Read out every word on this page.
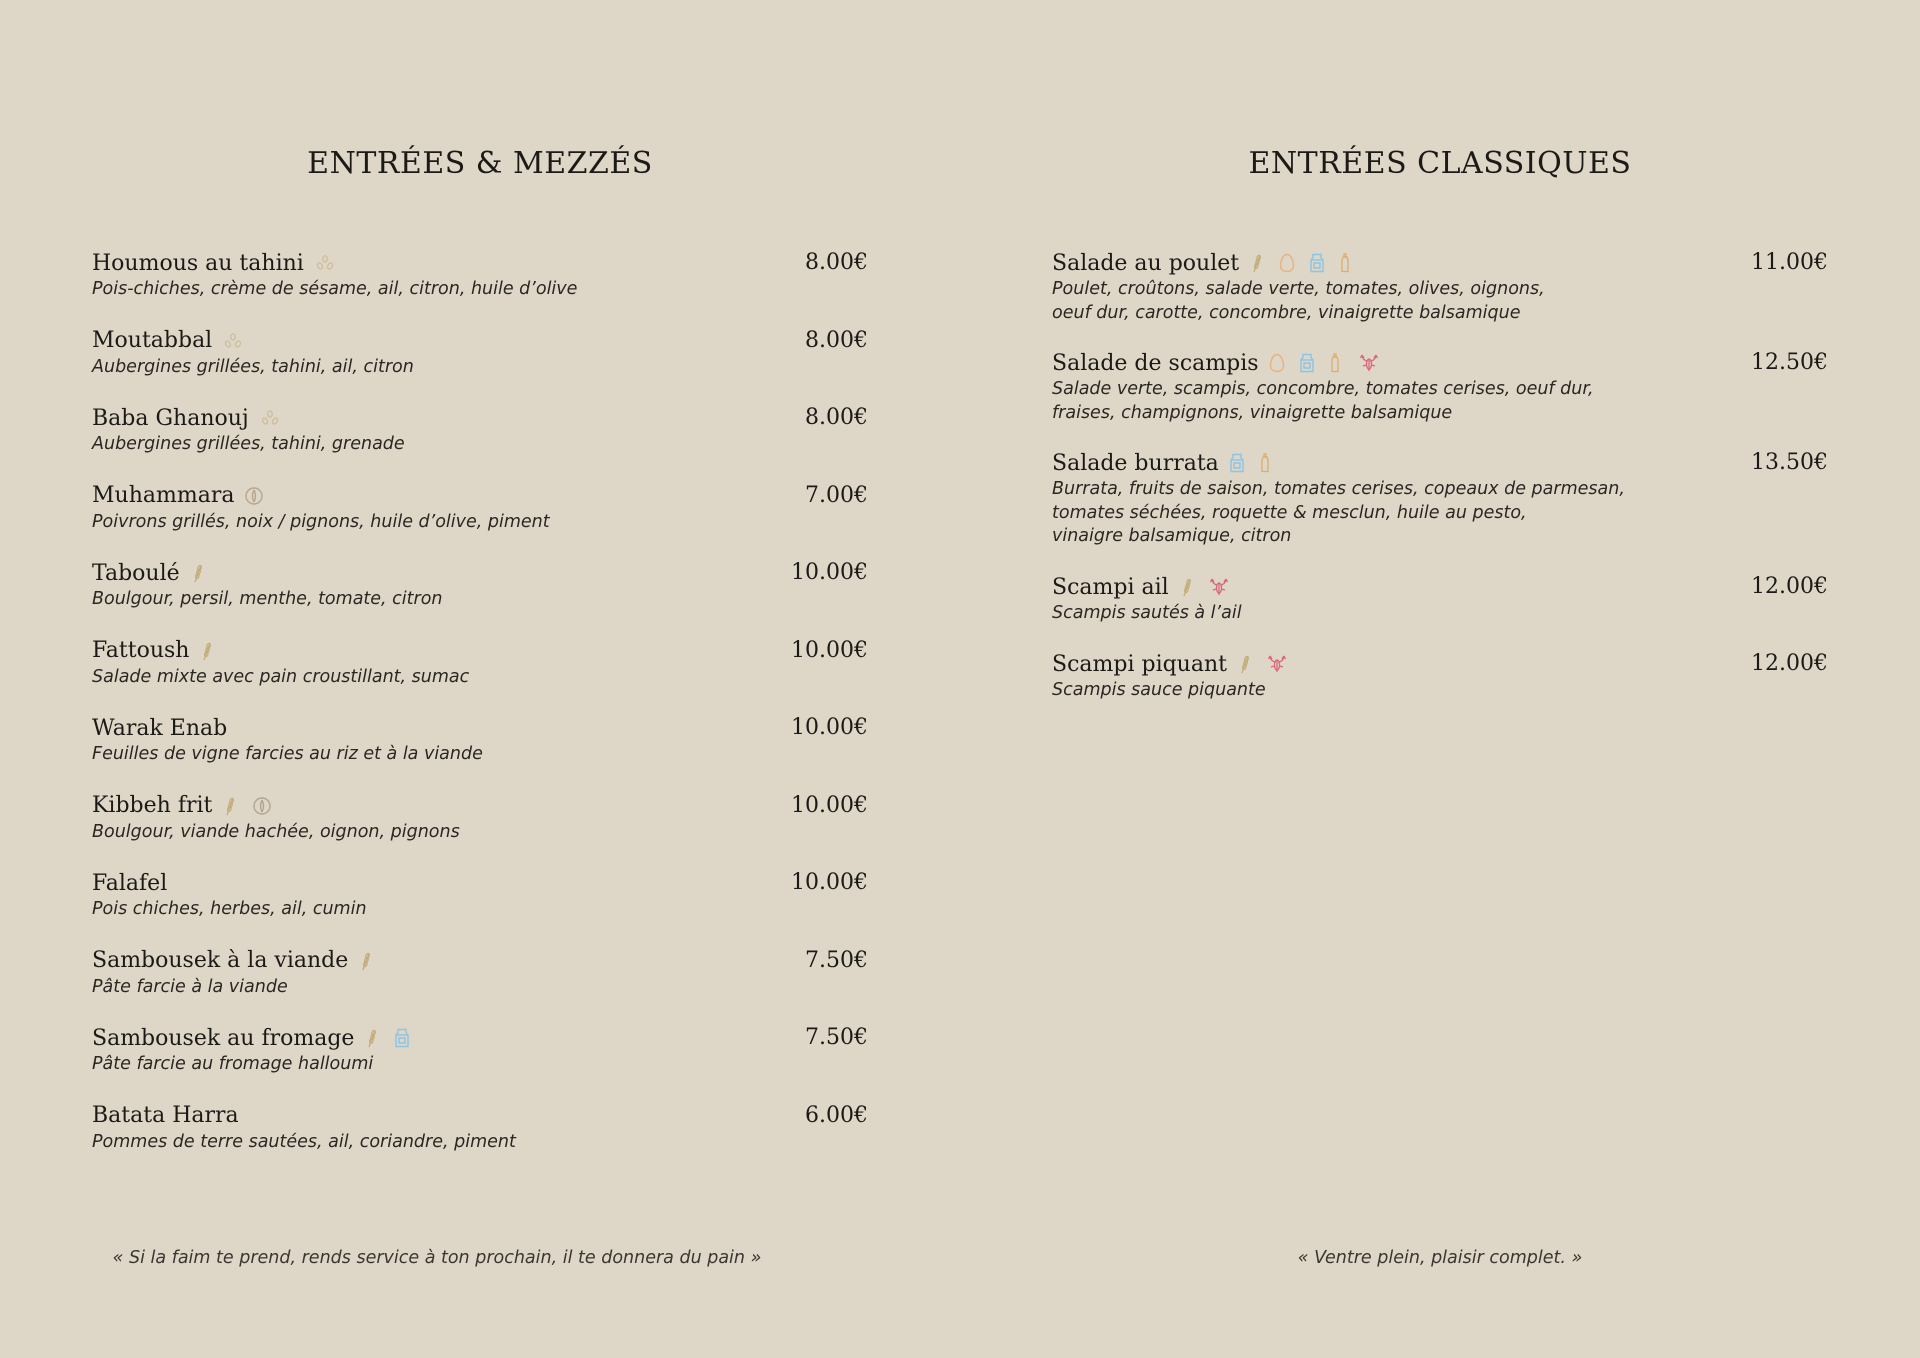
ENTRÉES & MEZZÉS
Houmous au tahini	8.00€
Pois-chiches, crème de sésame, ail, citron, huile d’olive
Moutabbal	8.00€
Aubergines grillées, tahini, ail, citron
Baba Ghanouj	8.00€
Aubergines grillées, tahini, grenade
Muhammara	7.00€
Poivrons grillés, noix / pignons, huile d’olive, piment
Taboulé	10.00€
Boulgour, persil, menthe, tomate, citron
Fattoush	10.00€
Salade mixte avec pain croustillant, sumac
Warak Enab	10.00€
Feuilles de vigne farcies au riz et à la viande
Kibbeh frit	10.00€
Boulgour, viande hachée, oignon, pignons
Falafel	10.00€
Pois chiches, herbes, ail, cumin
Sambousek à la viande	7.50€
Pâte farcie à la viande
Sambousek au fromage	7.50€
Pâte farcie au fromage halloumi
Batata Harra	6.00€
Pommes de terre sautées, ail, coriandre, piment
« Si la faim te prend, rends service à ton prochain, il te donnera du pain »
ENTRÉES CLASSIQUES
Salade au poulet	11.00€
Poulet, croûtons, salade verte, tomates, olives, oignons,
oeuf dur, carotte, concombre, vinaigrette balsamique
Salade de scampis	12.50€
Salade verte, scampis, concombre, tomates cerises, oeuf dur,
fraises, champignons, vinaigrette balsamique
Salade burrata	13.50€
Burrata, fruits de saison, tomates cerises, copeaux de parmesan,
tomates séchées, roquette & mesclun, huile au pesto,
vinaigre balsamique, citron
Scampi ail	12.00€
Scampis sautés à l’ail
Scampi piquant	12.00€
Scampis sauce piquante
« Ventre plein, plaisir complet. »
